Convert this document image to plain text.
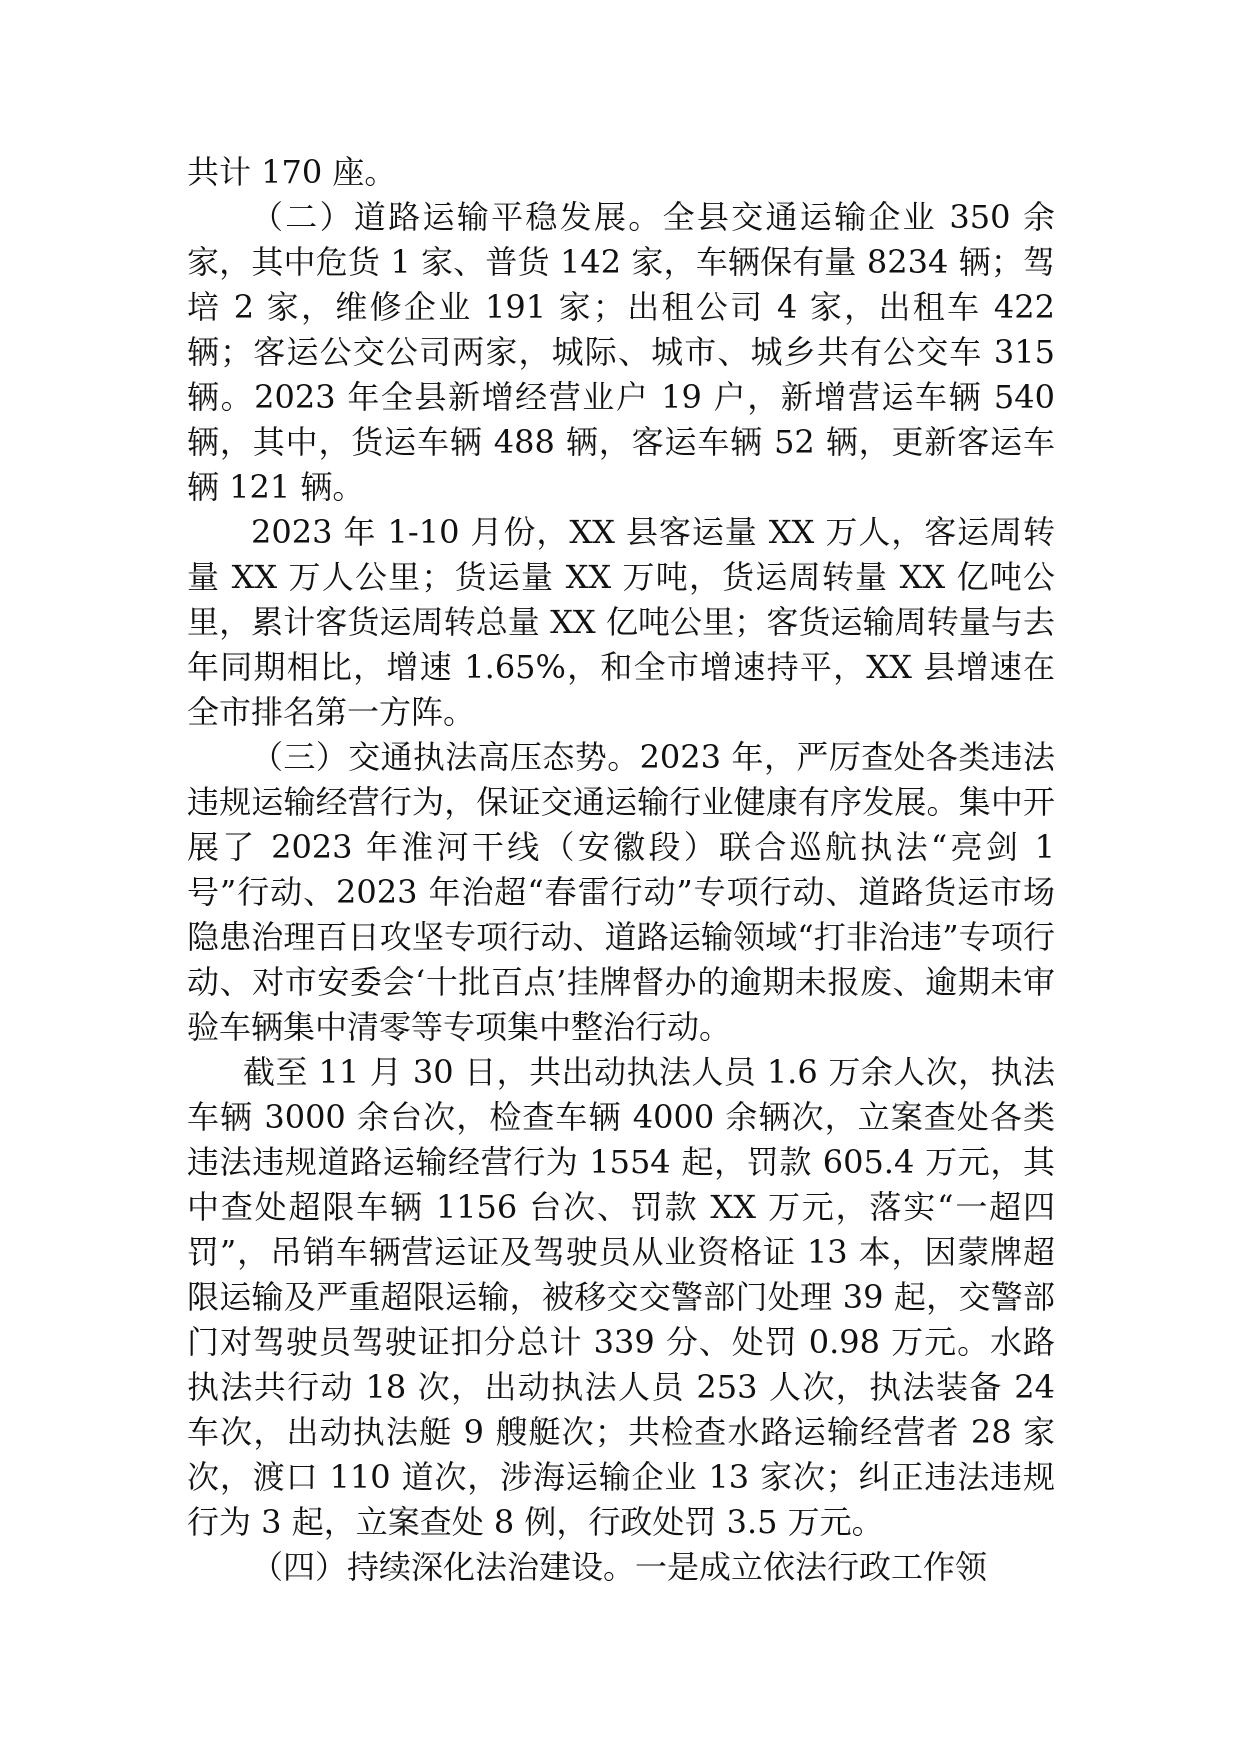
共计 170 座。

（二）道路运输平稳发展。全县交通运输企业 350 余家，其中危货 1 家、普货 142 家，车辆保有量 8234 辆；驾培 2 家，维修企业 191 家；出租公司 4 家，出租车 422 辆；客运公交公司两家，城际、城市、城乡共有公交车 315 辆。2023 年全县新增经营业户 19 户，新增营运车辆 540 辆，其中，货运车辆 488 辆，客运车辆 52 辆，更新客运车辆 121 辆。

2023 年 1-10 月份，XX 县客运量 XX 万人，客运周转量 XX 万人公里；货运量 XX 万吨，货运周转量 XX 亿吨公里，累计客货运周转总量 XX 亿吨公里；客货运输周转量与去年同期相比，增速 1.65%，和全市增速持平，XX 县增速在全市排名第一方阵。

（三）交通执法高压态势。2023 年，严厉查处各类违法违规运输经营行为，保证交通运输行业健康有序发展。集中开展了 2023 年淮河干线（安徽段）联合巡航执法“亮剑 1 号”行动、2023 年治超“春雷行动”专项行动、道路货运市场隐患治理百日攻坚专项行动、道路运输领域“打非治违”专项行动、对市安委会‘十批百点’挂牌督办的逾期未报废、逾期未审验车辆集中清零等专项集中整治行动。

截至 11 月 30 日，共出动执法人员 1.6 万余人次，执法车辆 3000 余台次，检查车辆 4000 余辆次，立案查处各类违法违规道路运输经营行为 1554 起，罚款 605.4 万元，其中查处超限车辆 1156 台次、罚款 XX 万元，落实“一超四罚”，吊销车辆营运证及驾驶员从业资格证 13 本，因蒙牌超限运输及严重超限运输，被移交交警部门处理 39 起，交警部门对驾驶员驾驶证扣分总计 339 分、处罚 0.98 万元。水路执法共行动 18 次，出动执法人员 253 人次，执法装备 24 车次，出动执法艇 9 艘艇次；共检查水路运输经营者 28 家次，渡口 110 道次，涉海运输企业 13 家次；纠正违法违规行为 3 起，立案查处 8 例，行政处罚 3.5 万元。

（四）持续深化法治建设。一是成立依法行政工作领
